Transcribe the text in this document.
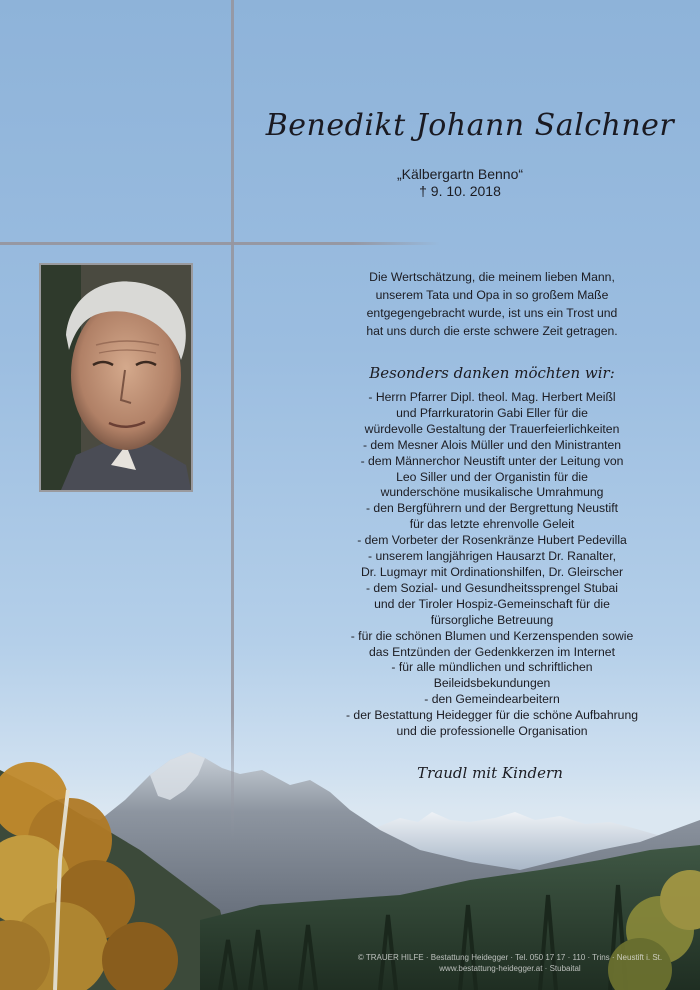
Benedikt Johann Salchner
„Kälbergartn Benno“
† 9. 10. 2018
Die Wertschätzung, die meinem lieben Mann,
unserem Tata und Opa in so großem Maße
entgegengebracht wurde, ist uns ein Trost und
hat uns durch die erste schwere Zeit getragen.
Besonders danken möchten wir:
- Herrn Pfarrer Dipl. theol. Mag. Herbert Meißl
und Pfarrkuratorin Gabi Eller für die
würdevolle Gestaltung der Trauerfeierlichkeiten
- dem Mesner Alois Müller und den Ministranten
- dem Männerchor Neustift unter der Leitung von
Leo Siller und der Organistin für die
wunderschöne musikalische Umrahmung
- den Bergführern und der Bergrettung Neustift
für das letzte ehrenvolle Geleit
- dem Vorbeter der Rosenkränze Hubert Pedevilla
- unserem langjährigen Hausarzt Dr. Ranalter,
Dr. Lugmayr mit Ordinationshilfen, Dr. Gleirscher
- dem Sozial- und Gesundheitssprengel Stubai
und der Tiroler Hospiz-Gemeinschaft für die
fürsorgliche Betreuung
- für die schönen Blumen und Kerzenspenden sowie
das Entzünden der Gedenkkerzen im Internet
- für alle mündlichen und schriftlichen
Beileidsbekundungen
- den Gemeindearbeitern
- der Bestattung Heidegger für die schöne Aufbahrung
und die professionelle Organisation
Traudl mit Kindern
© TRAUER HILFE · Bestattung Heidegger · Tel. 050 17 17 · 110 · Trins · Neustift i. St.
www.bestattung-heidegger.at · Stubaital
